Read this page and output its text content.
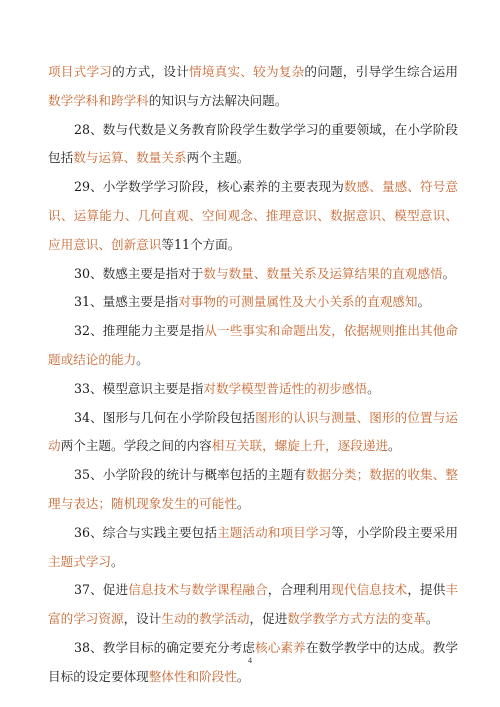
项目式学习的方式，设计情境真实、较为复杂的问题，引导学生综合运用数学学科和跨学科的知识与方法解决问题。

28、数与代数是义务教育阶段学生数学学习的重要领域，在小学阶段包括数与运算、数量关系两个主题。

29、小学数学学习阶段，核心素养的主要表现为数感、量感、符号意识、运算能力、几何直观、空间观念、推理意识、数据意识、模型意识、应用意识、创新意识等11个方面。

30、数感主要是指对于数与数量、数量关系及运算结果的直观感悟。

31、量感主要是指对事物的可测量属性及大小关系的直观感知。

32、推理能力主要是指从一些事实和命题出发，依据规则推出其他命题或结论的能力。

33、模型意识主要是指对数学模型普适性的初步感悟。

34、图形与几何在小学阶段包括图形的认识与测量、图形的位置与运动两个主题。学段之间的内容相互关联，螺旋上升，逐段递进。

35、小学阶段的统计与概率包括的主题有数据分类；数据的收集、整理与表达；随机现象发生的可能性。

36、综合与实践主要包括主题活动和项目学习等，小学阶段主要采用主题式学习。

37、促进信息技术与数学课程融合，合理利用现代信息技术，提供丰富的学习资源，设计生动的教学活动，促进数学教学方式方法的变革。

38、教学目标的确定要充分考虑核心素养在数学教学中的达成。教学目标的设定要体现整体性和阶段性。

4
